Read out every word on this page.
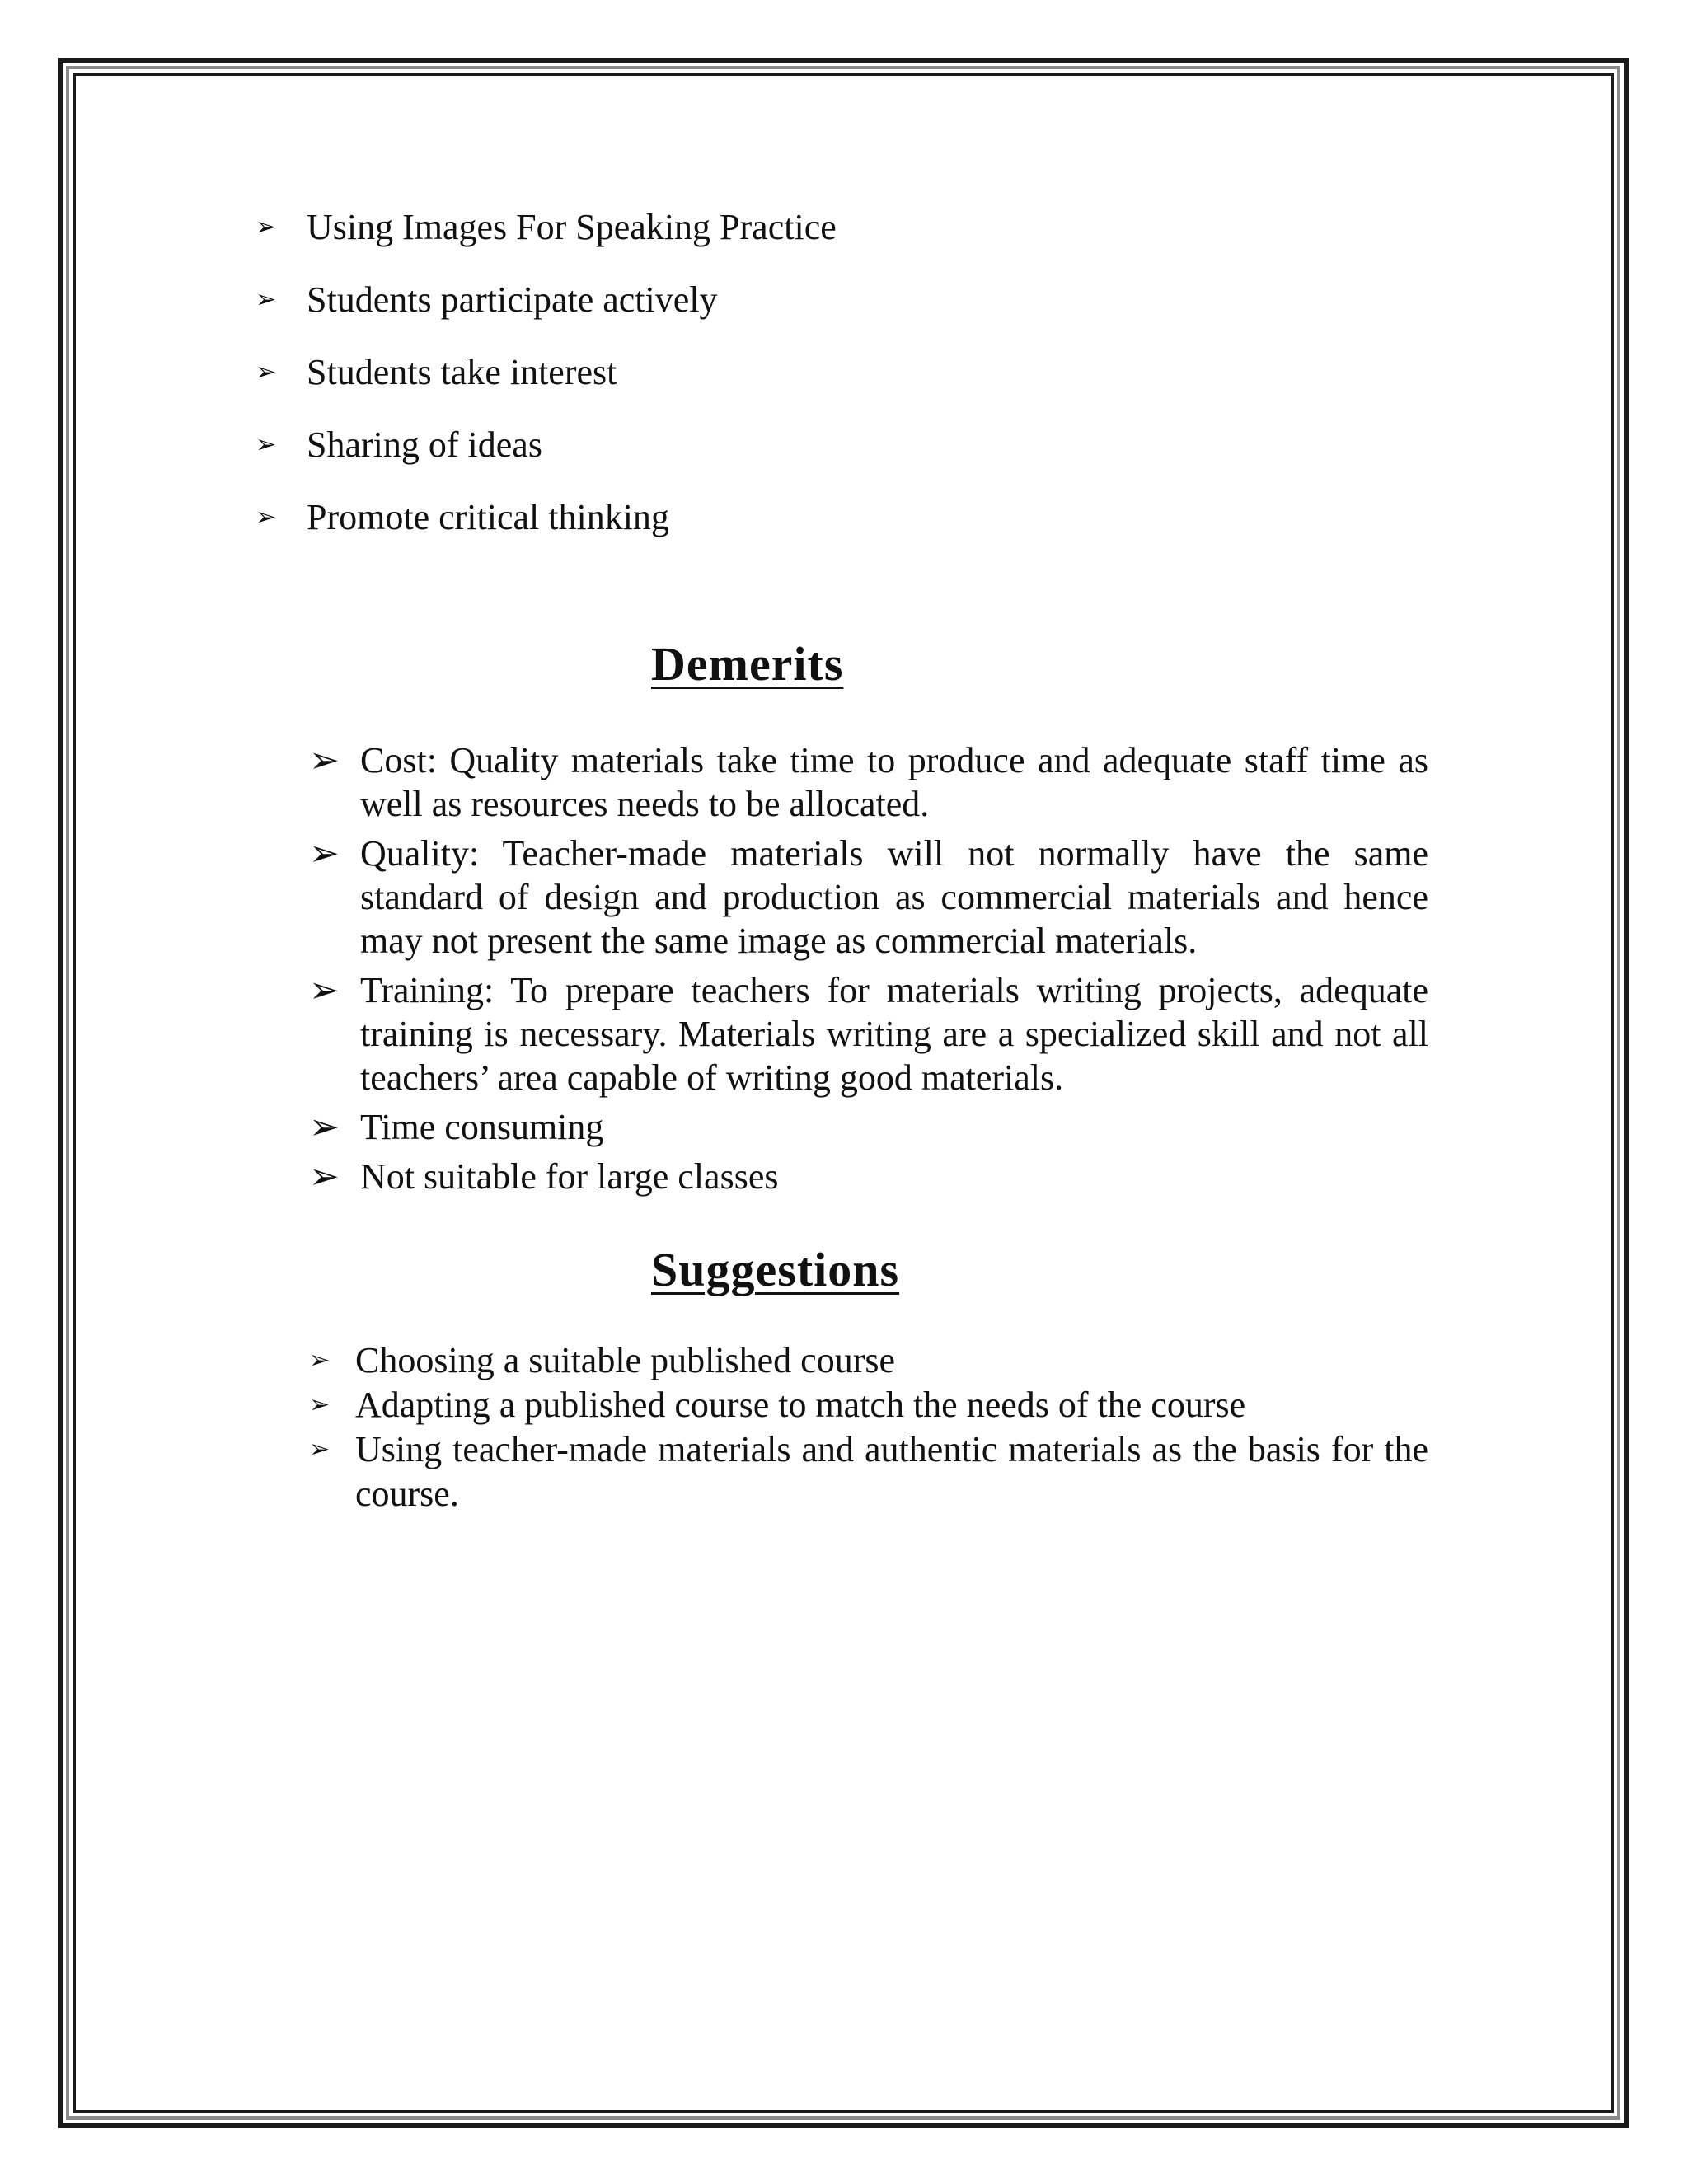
➢ Using Images For Speaking Practice
➢ Students participate actively
➢ Students take interest
➢ Sharing of ideas
➢ Promote critical thinking
Demerits
➢ Cost: Quality materials take time to produce and adequate staff time as well as resources needs to be allocated.
➢ Quality: Teacher-made materials will not normally have the same standard of design and production as commercial materials and hence may not present the same image as commercial materials.
➢ Training: To prepare teachers for materials writing projects, adequate training is necessary. Materials writing are a specialized skill and not all teachers’ area capable of writing good materials.
➢ Time consuming
➢ Not suitable for large classes
Suggestions
➢ Choosing a suitable published course
➢ Adapting a published course to match the needs of the course
➢ Using teacher-made materials and authentic materials as the basis for the course.
